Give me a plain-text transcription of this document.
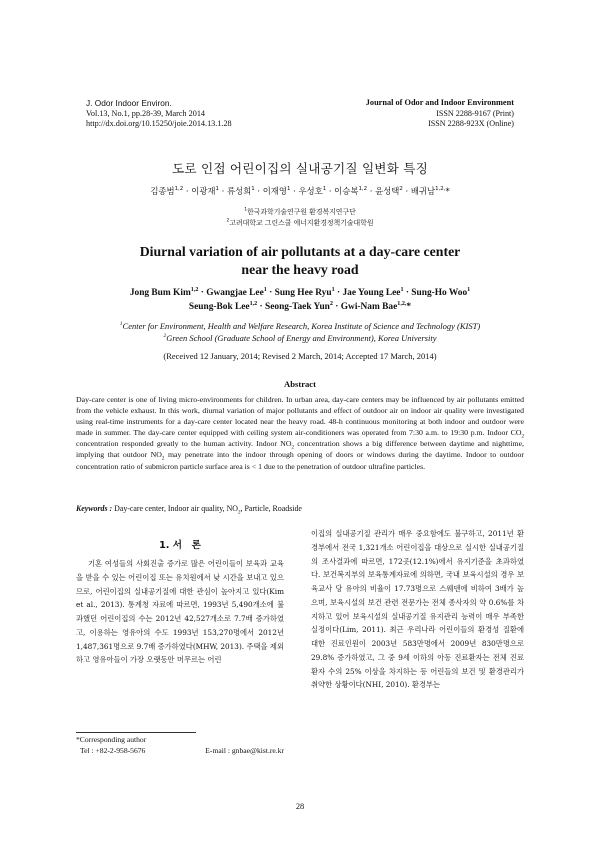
J. Odor Indoor Environ.
Vol.13, No.1, pp.28-39, March 2014
http://dx.doi.org/10.15250/joie.2014.13.1.28
Journal of Odor and Indoor Environment
ISSN 2288-9167 (Print)
ISSN 2288-923X (Online)
도로 인접 어린이집의 실내공기질 일변화 특징
김종범$^{1,2}$ · 이광재$^1$ · 류성희$^1$ · 이재영$^1$ · 우성호$^1$ · 이승복$^{1,2}$ · 윤성택$^2$ · 배귀남$^{1,2,}$*
$^1$한국과학기술연구원 환경복지연구단
$^2$고려대학교 그린스쿨 에너지환경정책기술대학원
Diurnal variation of air pollutants at a day-care center
near the heavy road
Jong Bum Kim$^{1,2}$ · Gwangjae Lee$^1$ · Sung Hee Ryu$^1$ · Jae Young Lee$^1$ · Sung-Ho Woo$^1$
Seung-Bok Lee$^{1,2}$ · Seong-Taek Yun$^2$ · Gwi-Nam Bae$^{1,2,}$*
$^1$Center for Environment, Health and Welfare Research, Korea Institute of Science and Technology (KIST)
$^2$Green School (Graduate School of Energy and Environment), Korea University
(Received 12 January, 2014; Revised 2 March, 2014; Accepted 17 March, 2014)
Abstract
Day-care center is one of living micro-environments for children. In urban area, day-care centers may be influenced by air pollutants emitted from the vehicle exhaust. In this work, diurnal variation of major pollutants and effect of outdoor air on indoor air quality were investigated using real-time instruments for a day-care center located near the heavy road. 48-h continuous monitoring at both indoor and outdoor were made in summer. The day-care center equipped with ceiling system air-conditioners was operated from 7:30 a.m. to 19:30 p.m. Indoor $CO_2$ concentration responded greatly to the human activity. Indoor $NO_2$ concentration shows a big difference between daytime and nighttime, implying that outdoor $NO_2$ may penetrate into the indoor through opening of doors or windows during the daytime. Indoor to outdoor concentration ratio of submicron particle surface area is < 1 due to the penetration of outdoor ultrafine particles.
Keywords : Day-care center, Indoor air quality, $NO_2$, Particle, Roadside
1. 서　론
기혼 여성들의 사회진출 증가로 많은 어린이들이 보육과 교육을 받을 수 있는 어린이집 또는 유치원에서 낮 시간을 보내고 있으므로, 어린이집의 실내공기질에 대한 관심이 높아지고 있다(Kim et al., 2013). 통계청 자료에 따르면, 1993년 5,490개소에 불과했던 어린이집의 수는 2012년 42,527개소로 7.7배 증가하였고, 이용하는 영유아의 수도 1993년 153,270명에서 2012년 1,487,361명으로 9.7배 증가하였다(MHW, 2013). 주택을 제외하고 영유아들이 가장 오랫동안 머무르는 어린
이집의 실내공기질 관리가 매우 중요함에도 불구하고, 2011년 환경부에서 전국 1,321개소 어린이집을 대상으로 실시한 실내공기질의 조사결과에 따르면, 172곳(12.1%)에서 유지기준을 초과하였다. 보건복지부의 보육통계자료에 의하면, 국내 보육시설의 경우 보육교사 당 유아의 비율이 17.73명으로 스웨덴에 비하여 3배가 높으며, 보육시설의 보건 관련 전문가는 전체 종사자의 약 0.6%를 차지하고 있어 보육시설의 실내공기질 유지관리 능력이 매우 부족한 실정이다(Lim, 2011). 최근 우리나라 어린이들의 환경성 질환에 대한 진료인원이 2003년 583만명에서 2009년 830만명으로 29.8% 증가하였고, 그 중 9세 이하의 아동 진료환자는 전체 진료환자 수의 25% 이상을 차지하는 등 어린들의 보건 및 환경관리가 취약한 상황이다(NHI, 2010). 환경부는
*Corresponding author
Tel : +82-2-958-5676	E-mail : gnbae@kist.re.kr
28
